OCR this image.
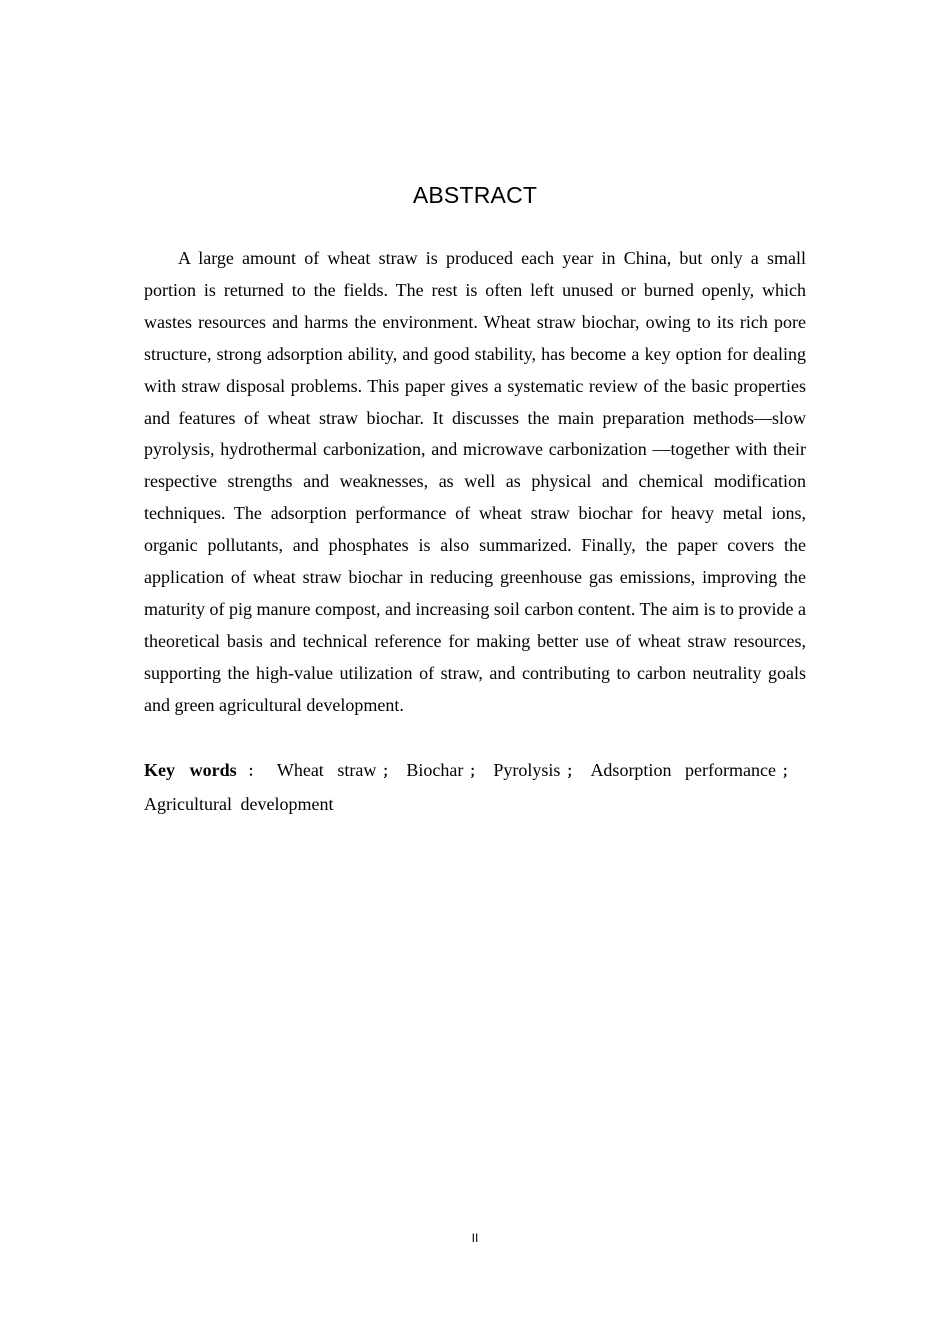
ABSTRACT

A large amount of wheat straw is produced each year in China, but only a small portion is returned to the fields. The rest is often left unused or burned openly, which wastes resources and harms the environment. Wheat straw biochar, owing to its rich pore structure, strong adsorption ability, and good stability, has become a key option for dealing with straw disposal problems. This paper gives a systematic review of the basic properties and features of wheat straw biochar. It discusses the main preparation methods—slow pyrolysis, hydrothermal carbonization, and microwave carbonization —together with their respective strengths and weaknesses, as well as physical and chemical modification techniques. The adsorption performance of wheat straw biochar for heavy metal ions, organic pollutants, and phosphates is also summarized. Finally, the paper covers the application of wheat straw biochar in reducing greenhouse gas emissions, improving the maturity of pig manure compost, and increasing soil carbon content. The aim is to provide a theoretical basis and technical reference for making better use of wheat straw resources, supporting the high-value utilization of straw, and contributing to carbon neutrality goals and green agricultural development.

Key words ： Wheat straw ； Biochar ； Pyrolysis ； Adsorption performance ； Agricultural development

II
